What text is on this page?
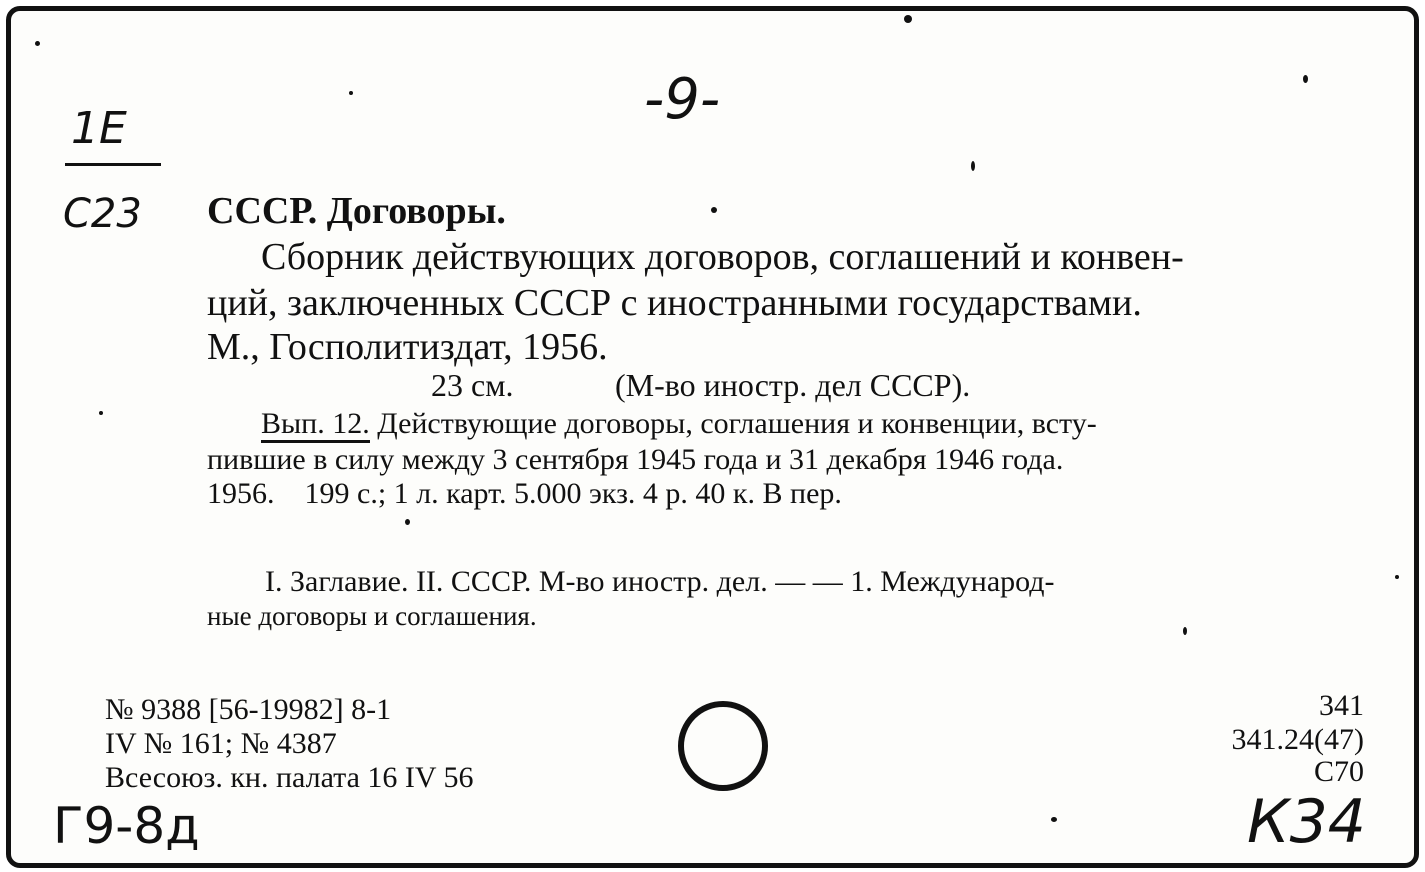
-9-
1Е
С23 СССР. Договоры.
Сборник действующих договоров, соглашений и конвен-
ций, заключенных СССР с иностранными государствами.
М., Госполитиздат, 1956.
23 см.	(М-во иностр. дел СССР).
Вып. 12. Действующие договоры, соглашения и конвенции, всту-
пившие в силу между 3 сентября 1945 года и 31 декабря 1946 года.
1956.    199 с.; 1 л. карт. 5.000 экз. 4 р. 40 к. В пер.
I. Заглавие. II. СССР. М-во иностр. дел. — — 1. Международ-
ные договоры и соглашения.
№ 9388 [56-19982] 8-1
IV № 161; № 4387
Всесоюз. кн. палата 16 IV 56
341
341.24(47)
С70
Г9-8д	К34
